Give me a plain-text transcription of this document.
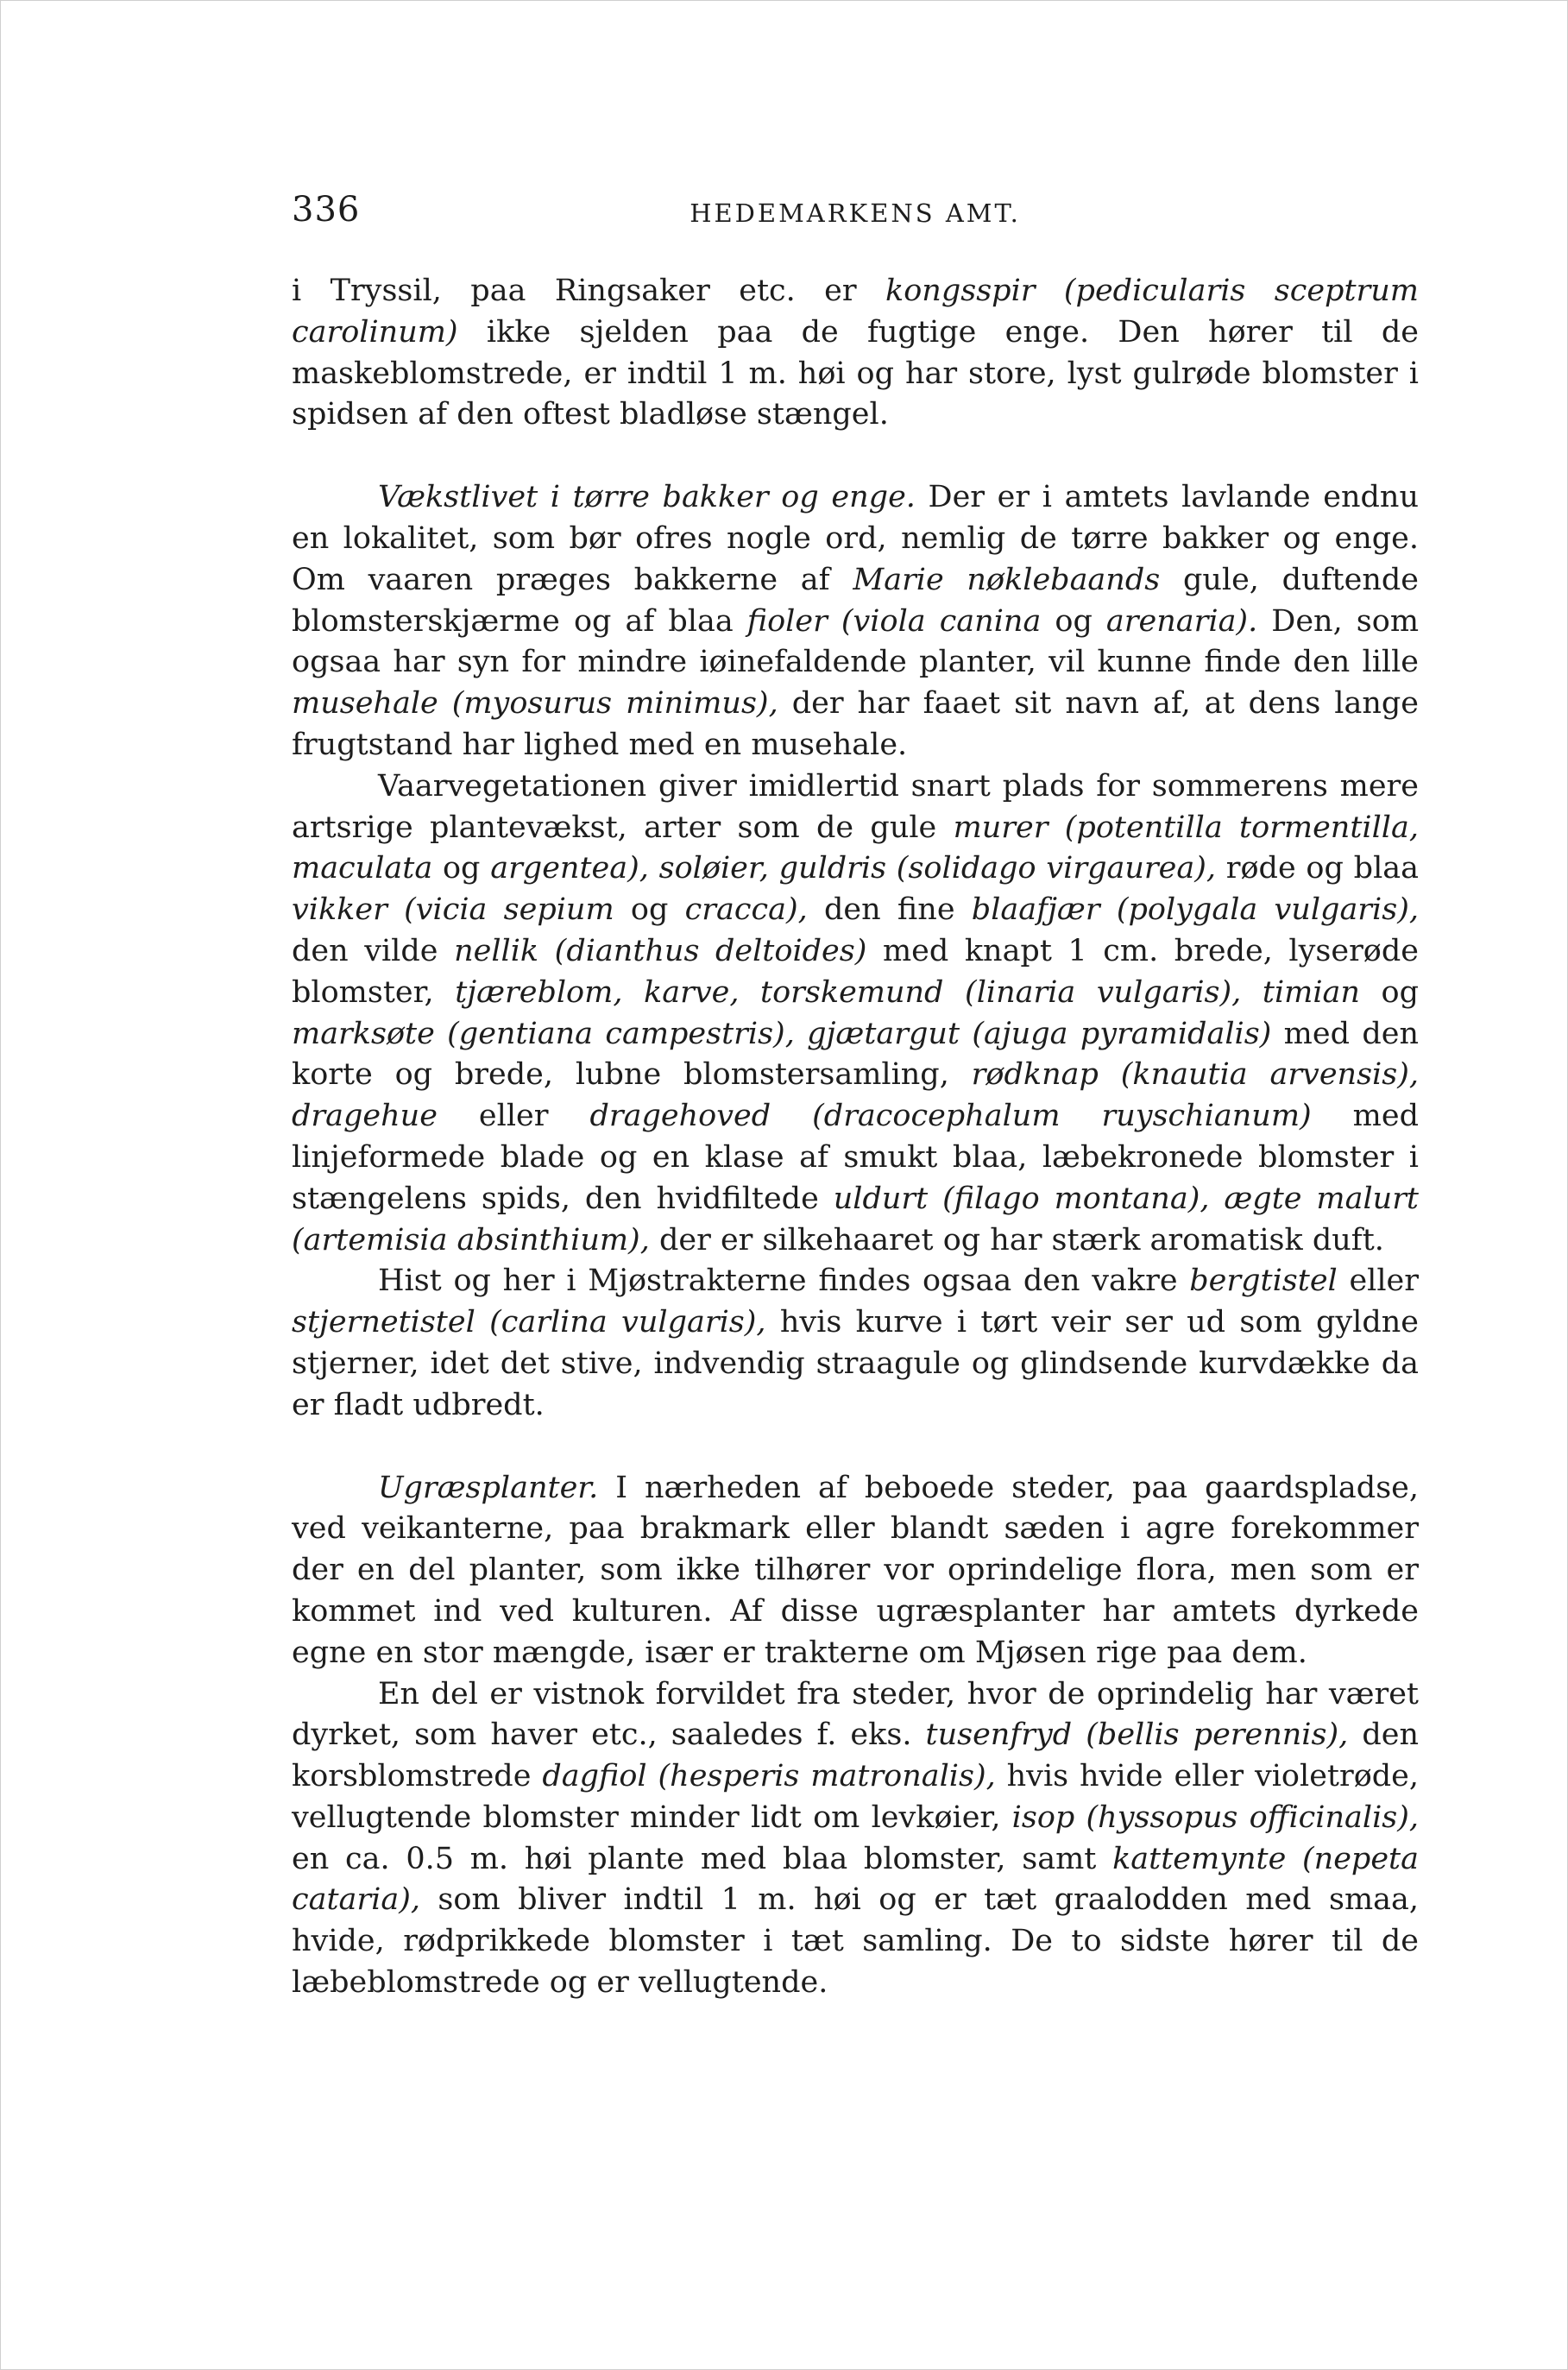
336	HEDEMARKENS AMT.

i Tryssil, paa Ringsaker etc. er kongsspir (pedicularis sceptrum carolinum) ikke sjelden paa de fugtige enge. Den hører til de maskeblomstrede, er indtil 1 m. høi og har store, lyst gulrøde blomster i spidsen af den oftest bladløse stængel.

Vækstlivet i tørre bakker og enge. Der er i amtets lavlande endnu en lokalitet, som bør ofres nogle ord, nemlig de tørre bakker og enge. Om vaaren præges bakkerne af Marie nøklebaands gule, duftende blomsterskjærme og af blaa fioler (viola canina og arenaria). Den, som ogsaa har syn for mindre iøinefaldende planter, vil kunne finde den lille musehale (myosurus minimus), der har faaet sit navn af, at dens lange frugtstand har lighed med en musehale.

Vaarvegetationen giver imidlertid snart plads for sommerens mere artsrige plantevækst, arter som de gule murer (potentilla tormentilla, maculata og argentea), soløier, guldris (solidago virgaurea), røde og blaa vikker (vicia sepium og cracca), den fine blaafjær (polygala vulgaris), den vilde nellik (dianthus deltoides) med knapt 1 cm. brede, lyserøde blomster, tjæreblom, karve, torskemund (linaria vulgaris), timian og marksøte (gentiana campestris), gjætargut (ajuga pyramidalis) med den korte og brede, lubne blomstersamling, rødknap (knautia arvensis), dragehue eller dragehoved (dracocephalum ruyschianum) med linjeformede blade og en klase af smukt blaa, læbekronede blomster i stængelens spids, den hvidfiltede uldurt (filago montana), ægte malurt (artemisia absinthium), der er silkehaaret og har stærk aromatisk duft.

Hist og her i Mjøstrakterne findes ogsaa den vakre bergtistel eller stjernetistel (carlina vulgaris), hvis kurve i tørt veir ser ud som gyldne stjerner, idet det stive, indvendig straagule og glindsende kurvdække da er fladt udbredt.

Ugræsplanter. I nærheden af beboede steder, paa gaardspladse, ved veikanterne, paa brakmark eller blandt sæden i agre forekommer der en del planter, som ikke tilhører vor oprindelige flora, men som er kommet ind ved kulturen. Af disse ugræsplanter har amtets dyrkede egne en stor mængde, især er trakterne om Mjøsen rige paa dem.

En del er vistnok forvildet fra steder, hvor de oprindelig har været dyrket, som haver etc., saaledes f. eks. tusenfryd (bellis perennis), den korsblomstrede dagfiol (hesperis matronalis), hvis hvide eller violetrøde, vellugtende blomster minder lidt om levkøier, isop (hyssopus officinalis), en ca. 0.5 m. høi plante med blaa blomster, samt kattemynte (nepeta cataria), som bliver indtil 1 m. høi og er tæt graalodden med smaa, hvide, rødprikkede blomster i tæt samling. De to sidste hører til de læbeblomstrede og er vellugtende.
